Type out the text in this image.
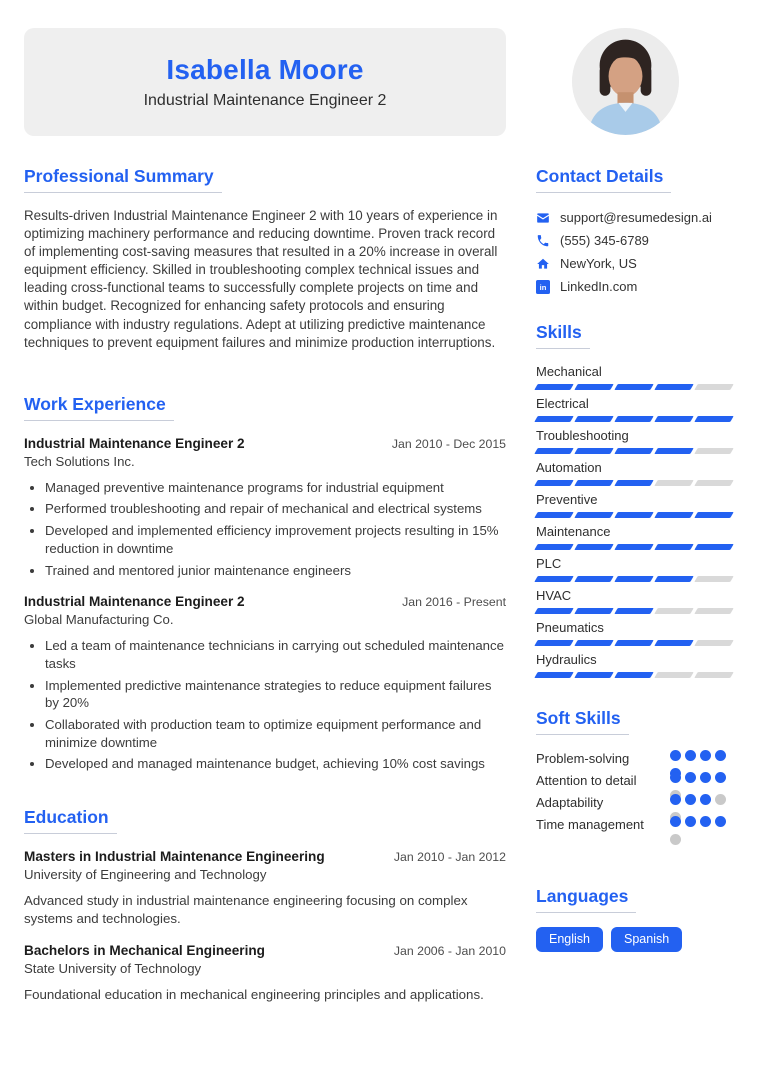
Isabella Moore
Industrial Maintenance Engineer 2
Professional Summary

Results-driven Industrial Maintenance Engineer 2 with 10 years of experience in optimizing machinery performance and reducing downtime. Proven track record of implementing cost-saving measures that resulted in a 20% increase in overall equipment efficiency. Skilled in troubleshooting complex technical issues and leading cross-functional teams to successfully complete projects on time and within budget. Recognized for enhancing safety protocols and ensuring compliance with industry regulations. Adept at utilizing predictive maintenance techniques to prevent equipment failures and minimize production interruptions.

Work Experience
Industrial Maintenance Engineer 2	Jan 2010 - Dec 2015
Tech Solutions Inc.
• Managed preventive maintenance programs for industrial equipment
• Performed troubleshooting and repair of mechanical and electrical systems
• Developed and implemented efficiency improvement projects resulting in 15% reduction in downtime
• Trained and mentored junior maintenance engineers
Industrial Maintenance Engineer 2	Jan 2016 - Present
Global Manufacturing Co.
• Led a team of maintenance technicians in carrying out scheduled maintenance tasks
• Implemented predictive maintenance strategies to reduce equipment failures by 20%
• Collaborated with production team to optimize equipment performance and minimize downtime
• Developed and managed maintenance budget, achieving 10% cost savings
Education
Masters in Industrial Maintenance Engineering	Jan 2010 - Jan 2012
University of Engineering and Technology
Advanced study in industrial maintenance engineering focusing on complex systems and technologies.
Bachelors in Mechanical Engineering	Jan 2006 - Jan 2010
State University of Technology
Foundational education in mechanical engineering principles and applications.
Contact Details
support@resumedesign.ai
(555) 345-6789
NewYork, US
in LinkedIn.com
Skills
Mechanical
Electrical
Troubleshooting
Automation
Preventive
Maintenance
PLC
HVAC
Pneumatics
Hydraulics
Soft Skills
Problem-solving
Attention to detail
Adaptability
Time management
Languages
English	Spanish
